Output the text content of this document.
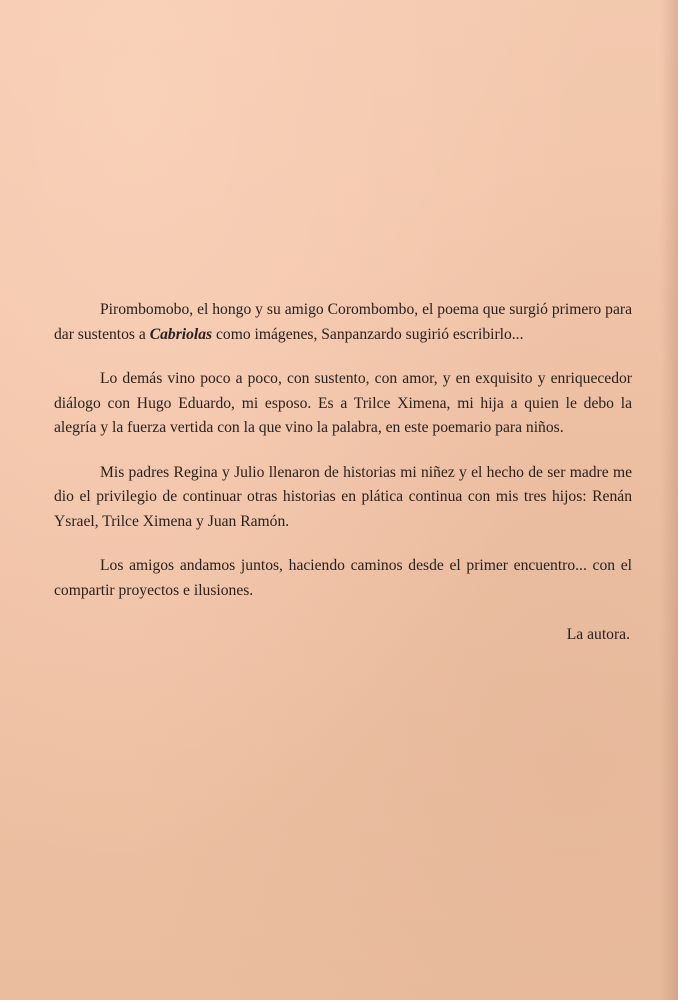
Pirombomobo, el hongo y su amigo Corombombo, el poema que surgió primero para dar sustentos a Cabriolas como imágenes, Sanpanzardo sugirió escribirlo...

Lo demás vino poco a poco, con sustento, con amor, y en exquisito y enriquecedor diálogo con Hugo Eduardo, mi esposo. Es a Trilce Ximena, mi hija a quien le debo la alegría y la fuerza vertida con la que vino la palabra, en este poemario para niños.

Mis padres Regina y Julio llenaron de historias mi niñez y el hecho de ser madre me dio el privilegio de continuar otras historias en plática continua con mis tres hijos: Renán Ysrael, Trilce Ximena y Juan Ramón.

Los amigos andamos juntos, haciendo caminos desde el primer encuentro... con el compartir proyectos e ilusiones.

La autora.
